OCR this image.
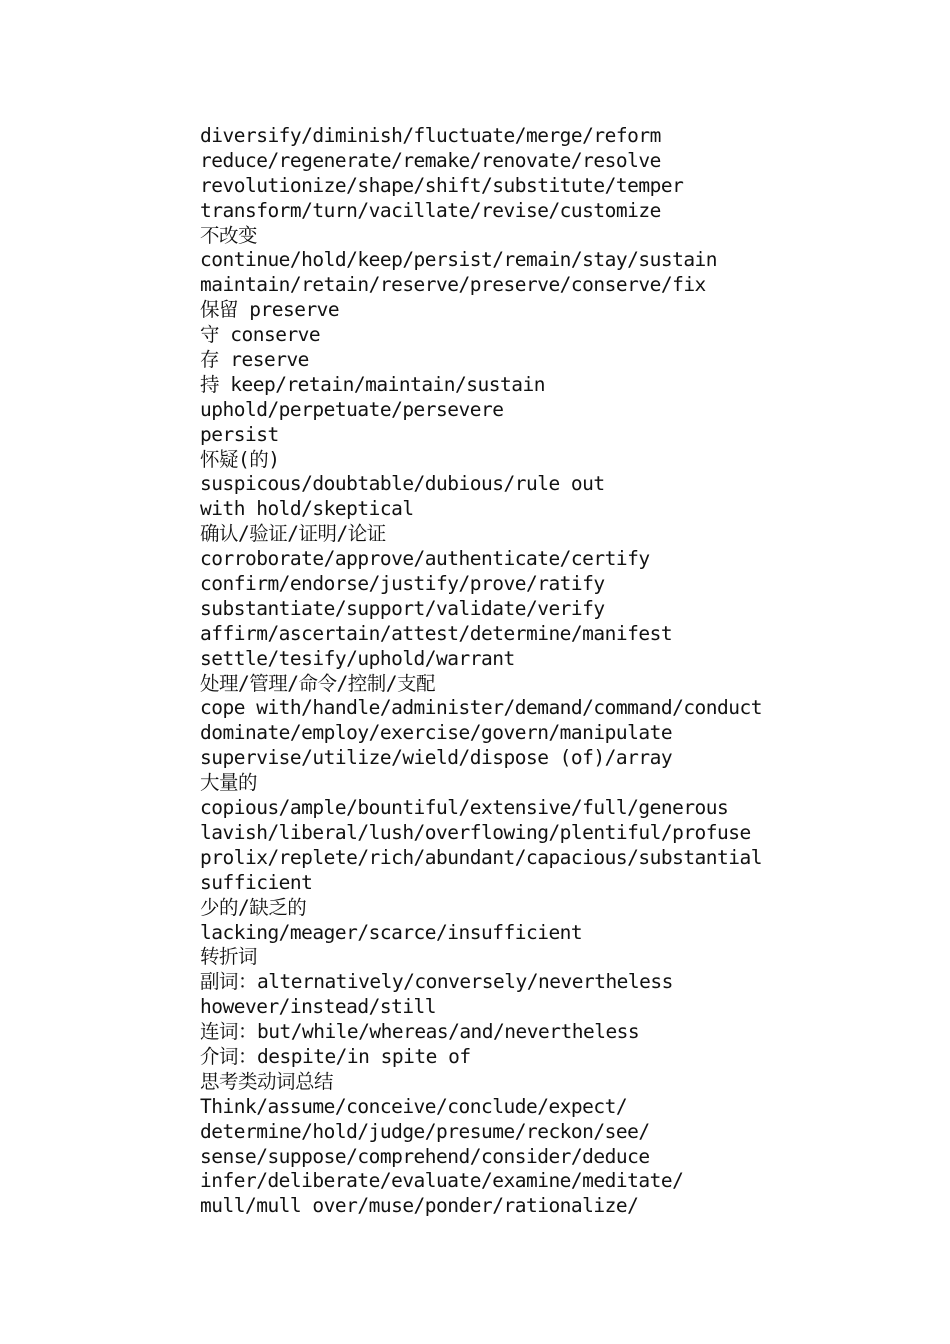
diversify/diminish/fluctuate/merge/reform

reduce/regenerate/remake/renovate/resolve

revolutionize/shape/shift/substitute/temper

transform/turn/vacillate/revise/customize

不改变

continue/hold/keep/persist/remain/stay/sustain

maintain/retain/reserve/preserve/conserve/fix

保留 preserve

守 conserve

存 reserve

持 keep/retain/maintain/sustain

uphold/perpetuate/persevere

persist

怀疑(的)

suspicous/doubtable/dubious/rule out

with hold/skeptical

确认/验证/证明/论证

corroborate/approve/authenticate/certify

confirm/endorse/justify/prove/ratify

substantiate/support/validate/verify

affirm/ascertain/attest/determine/manifest

settle/tesify/uphold/warrant

处理/管理/命令/控制/支配

cope with/handle/administer/demand/command/conduct

dominate/employ/exercise/govern/manipulate

supervise/utilize/wield/dispose (of)/array

大量的

copious/ample/bountiful/extensive/full/generous

lavish/liberal/lush/overflowing/plentiful/profuse

prolix/replete/rich/abundant/capacious/substantial

sufficient

少的/缺乏的

lacking/meager/scarce/insufficient

转折词

副词：alternatively/conversely/nevertheless

however/instead/still

连词：but/while/whereas/and/nevertheless

介词：despite/in spite of

思考类动词总结

Think/assume/conceive/conclude/expect/

determine/hold/judge/presume/reckon/see/

sense/suppose/comprehend/consider/deduce

infer/deliberate/evaluate/examine/meditate/

mull/mull over/muse/ponder/rationalize/
